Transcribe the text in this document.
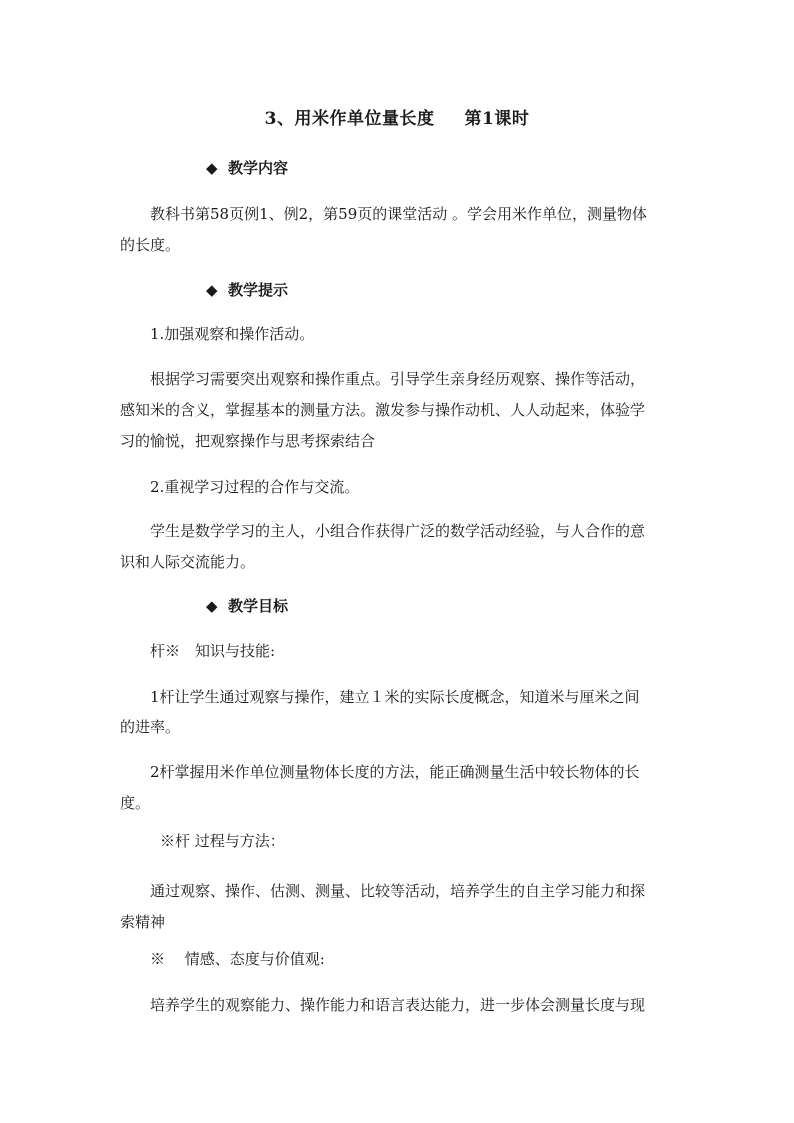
3、用米作单位量长度 第1课时
◆ 教学内容
教科书第58页例1、例2，第59页的课堂活动 。学会用米作单位，测量物体
的长度。
◆ 教学提示
1.加强观察和操作活动。
根据学习需要突出观察和操作重点。引导学生亲身经历观察、操作等活动，
感知米的含义，掌握基本的测量方法。激发参与操作动机、人人动起来，体验学
习的愉悦，把观察操作与思考探索结合
2.重视学习过程的合作与交流。
学生是数学学习的主人，小组合作获得广泛的数学活动经验，与人合作的意
识和人际交流能力。
◆ 教学目标
杆※　知识与技能:
1杆让学生通过观察与操作，建立１米的实际长度概念，知道米与厘米之间
的进率。
2杆掌握用米作单位测量物体长度的方法，能正确测量生活中较长物体的长
度。
※杆 过程与方法：
通过观察、操作、估测、测量、比较等活动，培养学生的自主学习能力和探
索精神
※　 情感、态度与价值观:
培养学生的观察能力、操作能力和语言表达能力，进一步体会测量长度与现
